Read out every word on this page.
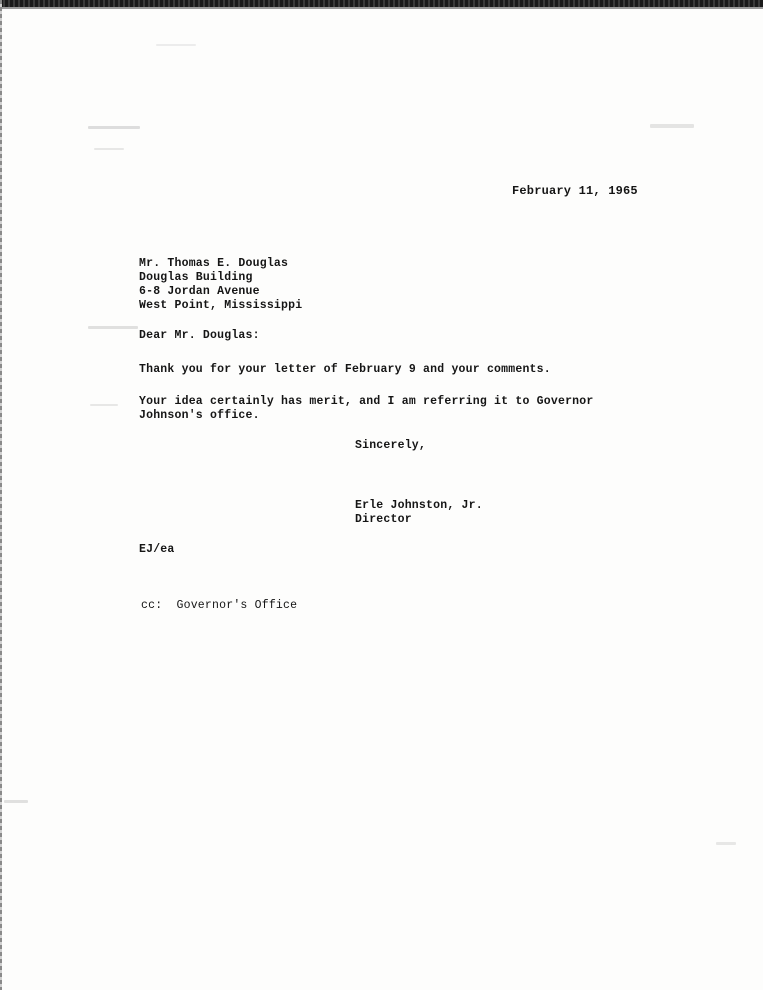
February 11, 1965
Mr. Thomas E. Douglas
Douglas Building
6-8 Jordan Avenue
West Point, Mississippi
Dear Mr. Douglas:
Thank you for your letter of February 9 and your comments.
Your idea certainly has merit, and I am referring it to Governor
Johnson's office.
Sincerely,
Erle Johnston, Jr.
Director
EJ/ea
cc:  Governor's Office
